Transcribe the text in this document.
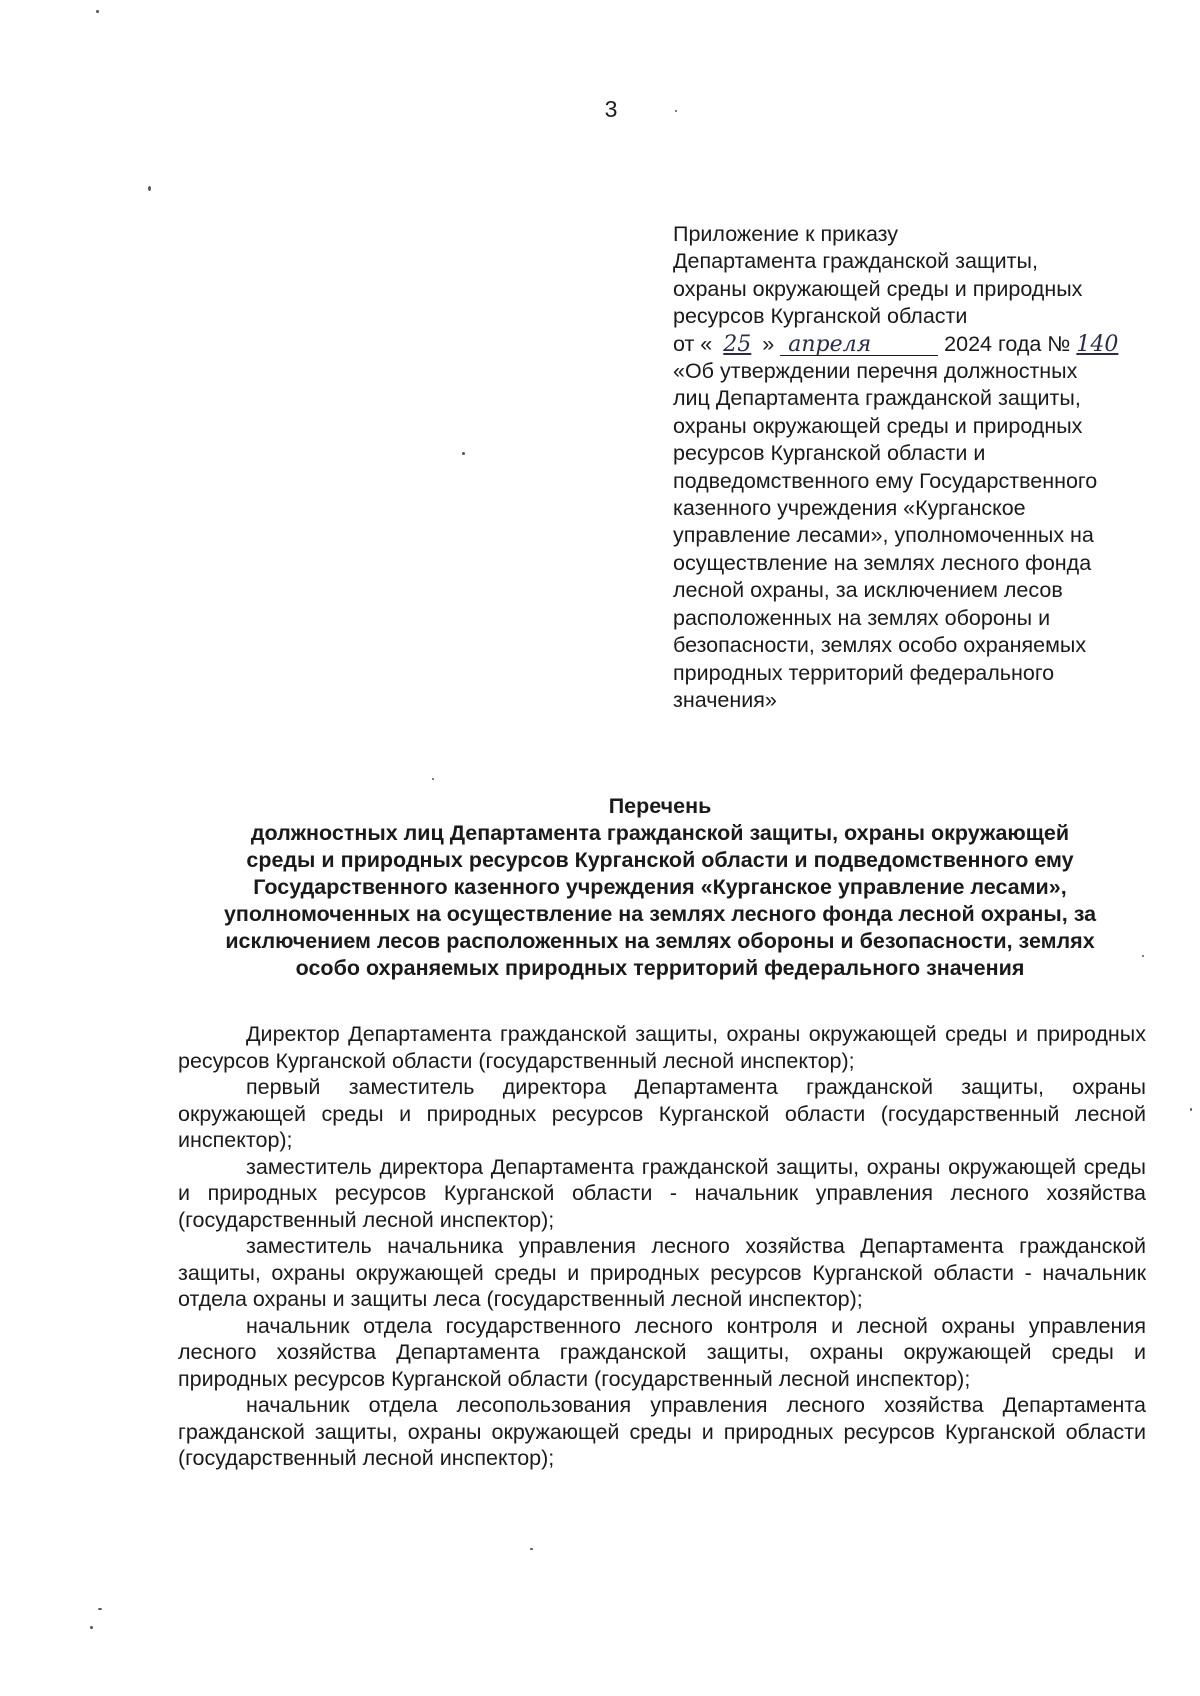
3
Приложение к приказу
Департамента гражданской защиты,
охраны окружающей среды и природных
ресурсов Курганской области
от « 25 » апреля	2024 года № 140
«Об утверждении перечня должностных
лиц Департамента гражданской защиты,
охраны окружающей среды и природных
ресурсов Курганской области и
подведомственного ему Государственного
казенного учреждения «Курганское
управление лесами», уполномоченных на
осуществление на землях лесного фонда
лесной охраны, за исключением лесов
расположенных на землях обороны и
безопасности, землях особо охраняемых
природных территорий федерального
значения»
Перечень
должностных лиц Департамента гражданской защиты, охраны окружающей
среды и природных ресурсов Курганской области и подведомственного ему
Государственного казенного учреждения «Курганское управление лесами»,
уполномоченных на осуществление на землях лесного фонда лесной охраны, за
исключением лесов расположенных на землях обороны и безопасности, землях
особо охраняемых природных территорий федерального значения

Директор Департамента гражданской защиты, охраны окружающей среды и природных ресурсов Курганской области (государственный лесной инспектор);

первый заместитель директора Департамента гражданской защиты, охраны окружающей среды и природных ресурсов Курганской области (государственный лесной инспектор);

заместитель директора Департамента гражданской защиты, охраны окружающей среды и природных ресурсов Курганской области - начальник управления лесного хозяйства (государственный лесной инспектор);

заместитель начальника управления лесного хозяйства Департамента гражданской защиты, охраны окружающей среды и природных ресурсов Курганской области - начальник отдела охраны и защиты леса (государственный лесной инспектор);

начальник отдела государственного лесного контроля и лесной охраны управления лесного хозяйства Департамента гражданской защиты, охраны окружающей среды и природных ресурсов Курганской области (государственный лесной инспектор);

начальник отдела лесопользования управления лесного хозяйства Департамента гражданской защиты, охраны окружающей среды и природных ресурсов Курганской области (государственный лесной инспектор);
